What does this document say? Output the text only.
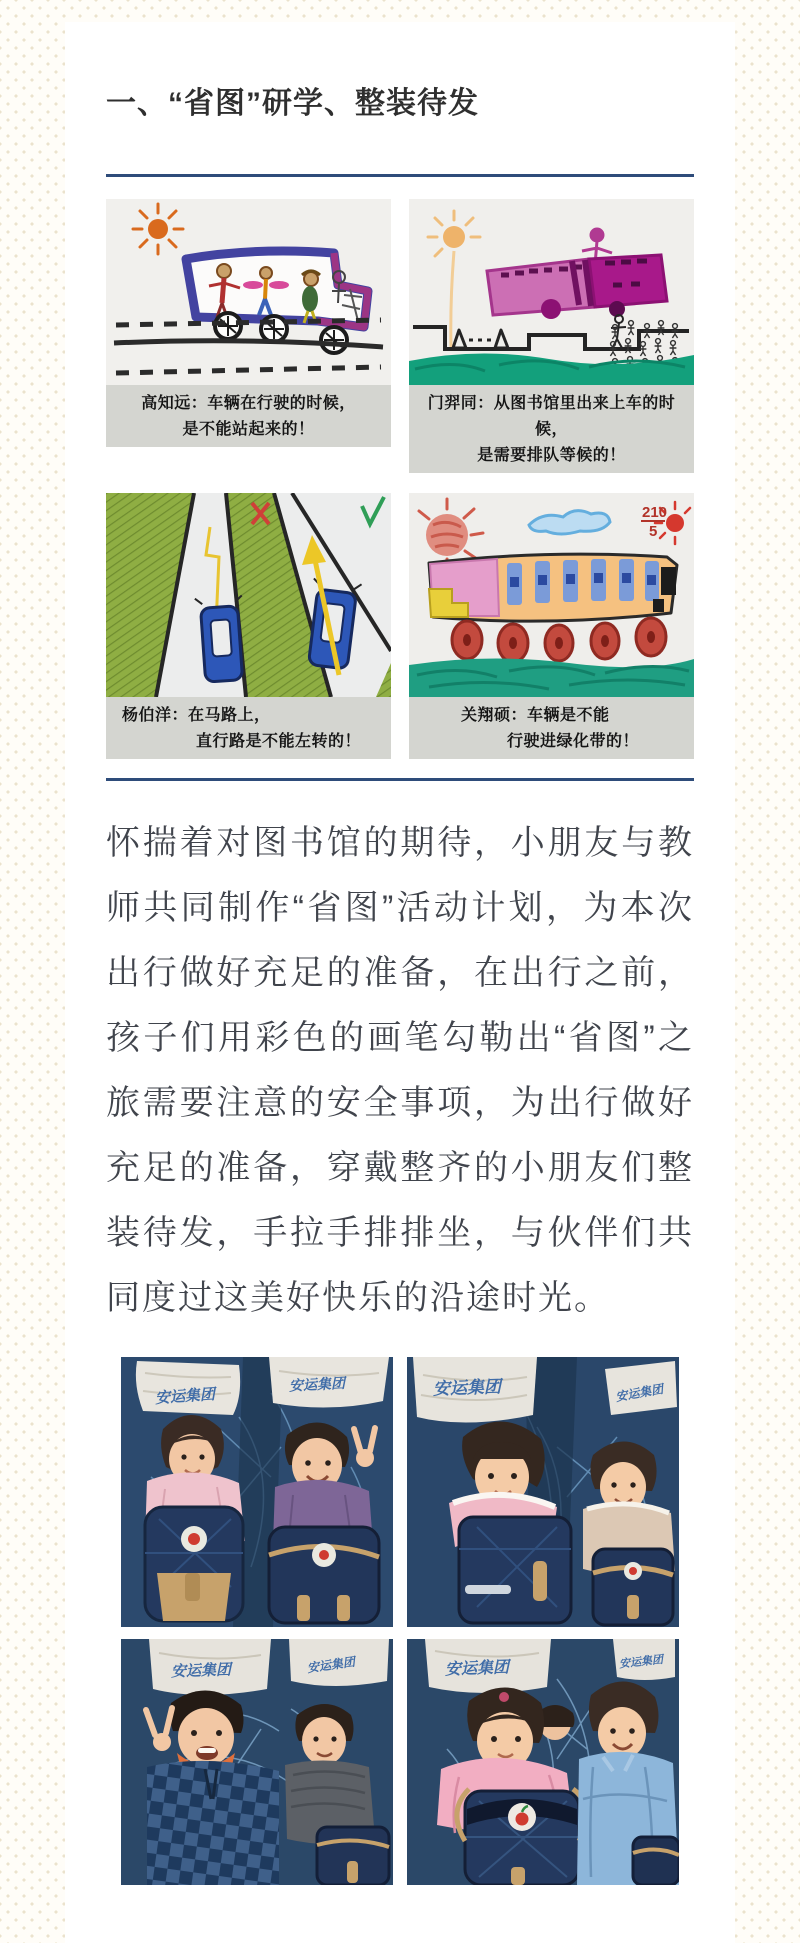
一、“省图”研学、整装待发
高知远：车辆在行驶的时候，
是不能站起来的！
门羿同：从图书馆里出来上车的时候，
是需要排队等候的！
杨伯洋：在马路上，
直行路是不能左转的！
210
5
关翔硕：车辆是不能
行驶进绿化带的！

怀揣着对图书馆的期待，小朋友与教师共同制作“省图”活动计划，为本次出行做好充足的准备，在出行之前，孩子们用彩色的画笔勾勒出“省图”之旅需要注意的安全事项，为出行做好充足的准备，穿戴整齐的小朋友们整装待发，手拉手排排坐，与伙伴们共同度过这美好快乐的沿途时光。

安运集团
安运集团	安运集团	安运集团
安运集团	安运集团	安运集团	安运集团
